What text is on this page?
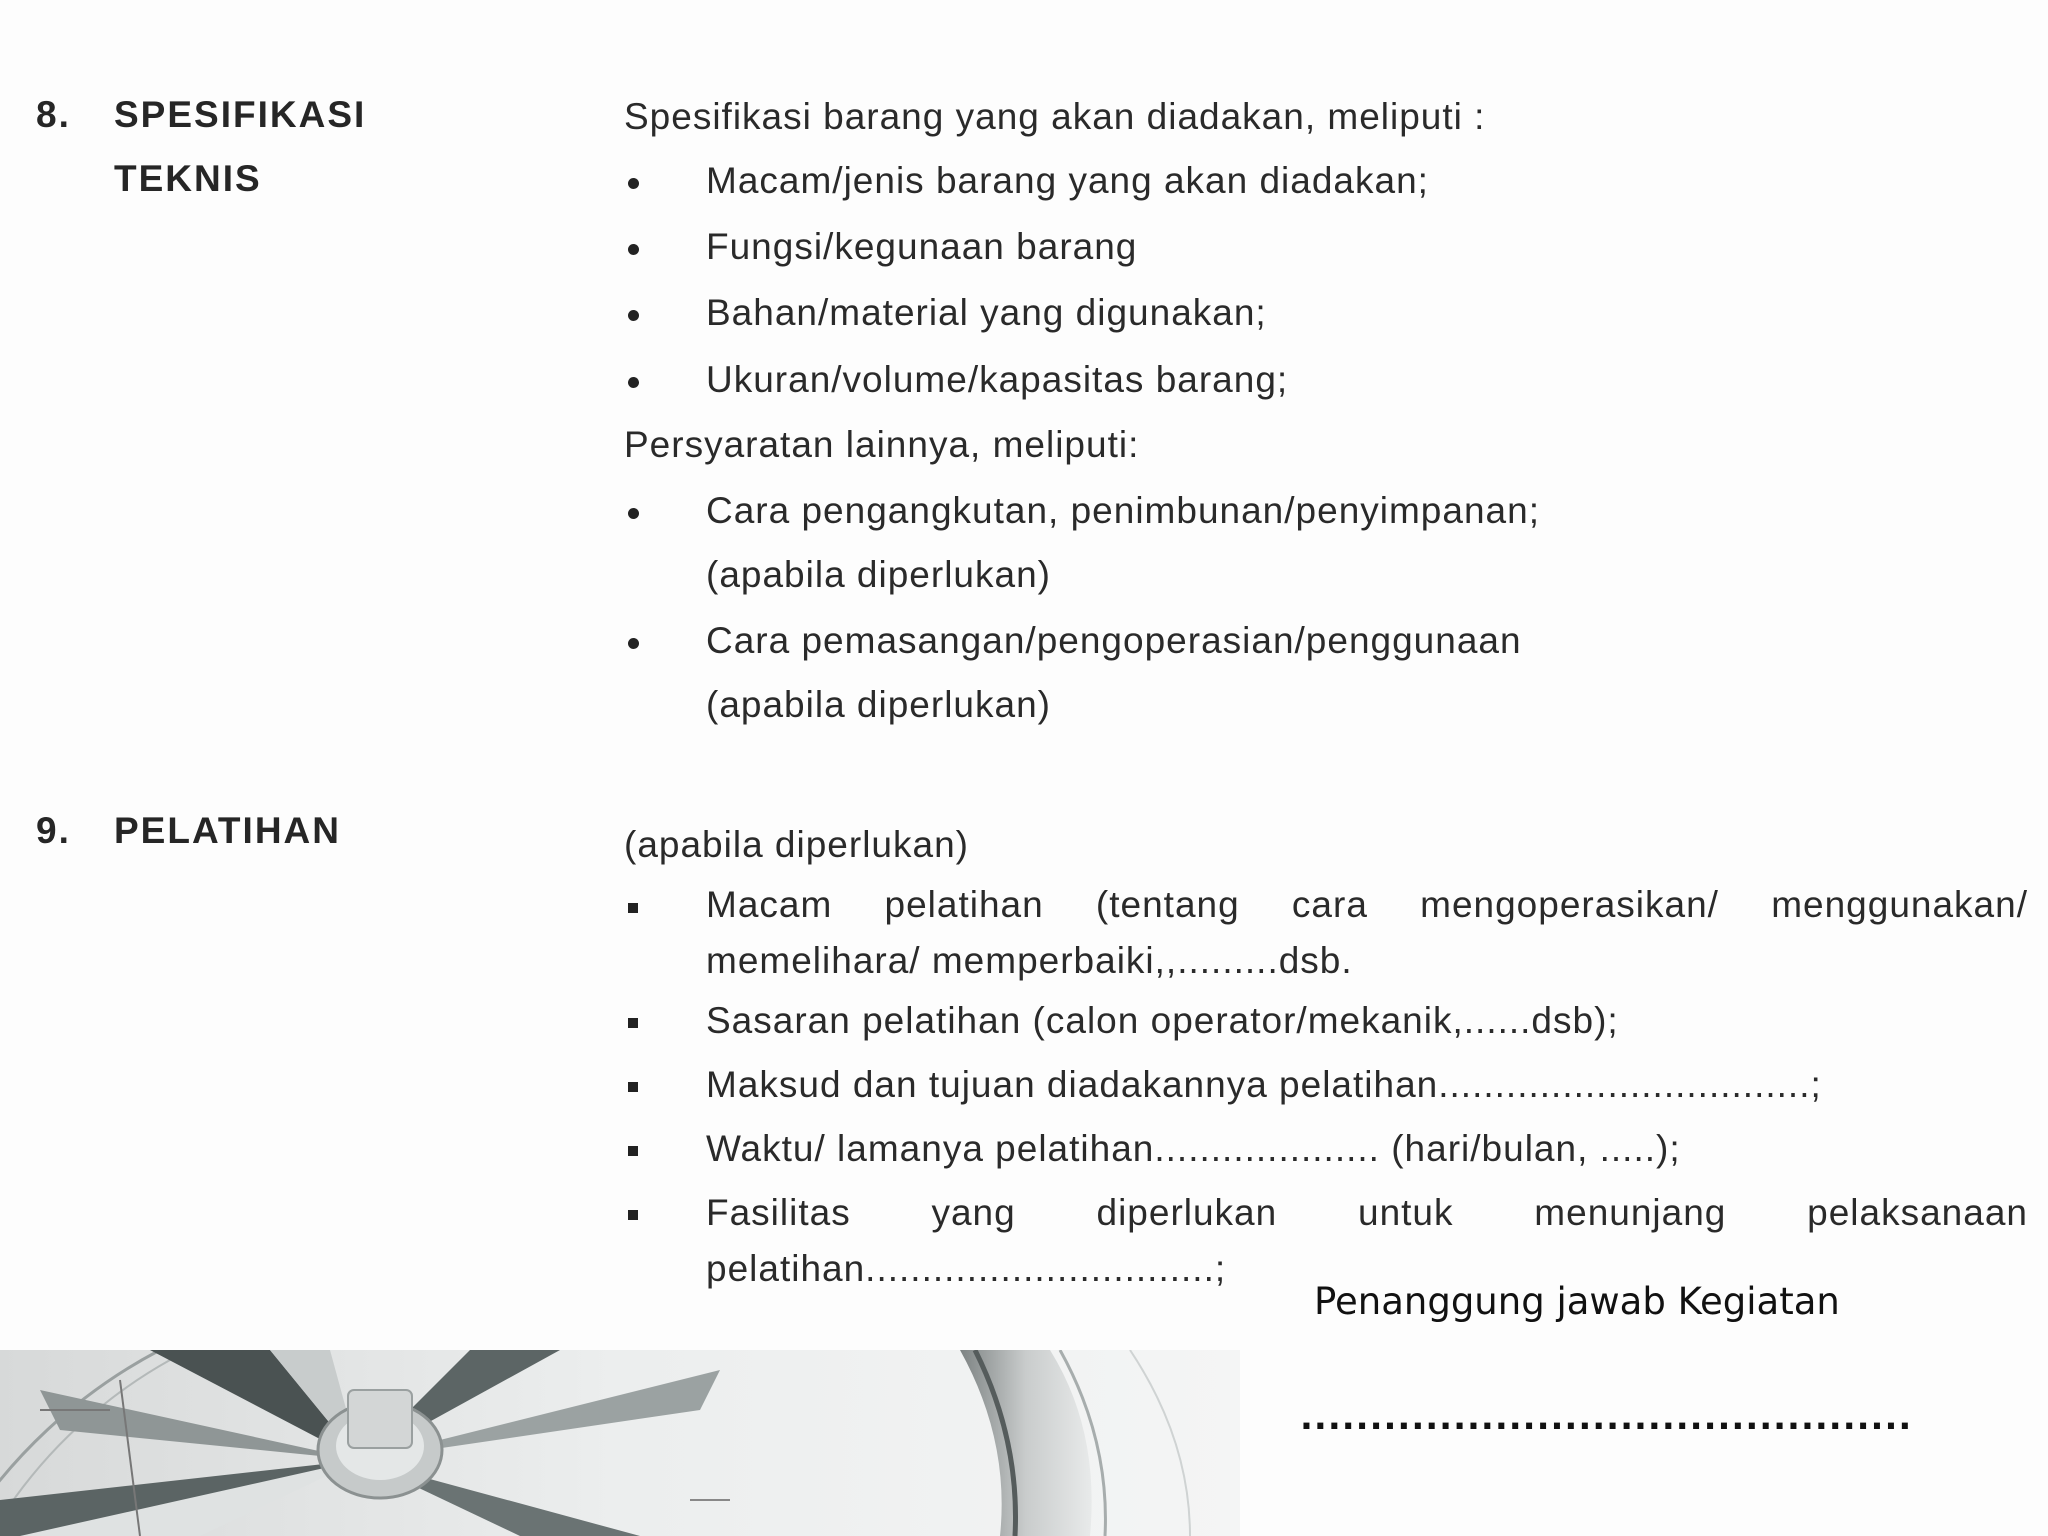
8. SPESIFIKASI
TEKNIS
Spesifikasi barang yang akan diadakan, meliputi :
Macam/jenis barang yang akan diadakan;
Fungsi/kegunaan barang
Bahan/material yang digunakan;
Ukuran/volume/kapasitas barang;
Persyaratan lainnya, meliputi:
Cara pengangkutan, penimbunan/penyimpanan;
(apabila diperlukan)
Cara pemasangan/pengoperasian/penggunaan
(apabila diperlukan)
9. PELATIHAN	(apabila diperlukan)
Macam pelatihan (tentang cara mengoperasikan/ menggunakan/
memelihara/ memperbaiki,,.........dsb.
Sasaran pelatihan (calon operator/mekanik,......dsb);
Maksud dan tujuan diadakannya pelatihan.................................;
Waktu/ lamanya pelatihan.................... (hari/bulan, .....);
Fasilitas yang diperlukan untuk menunjang pelaksanaan
pelatihan...............................;
Penanggung jawab Kegiatan
............................................
